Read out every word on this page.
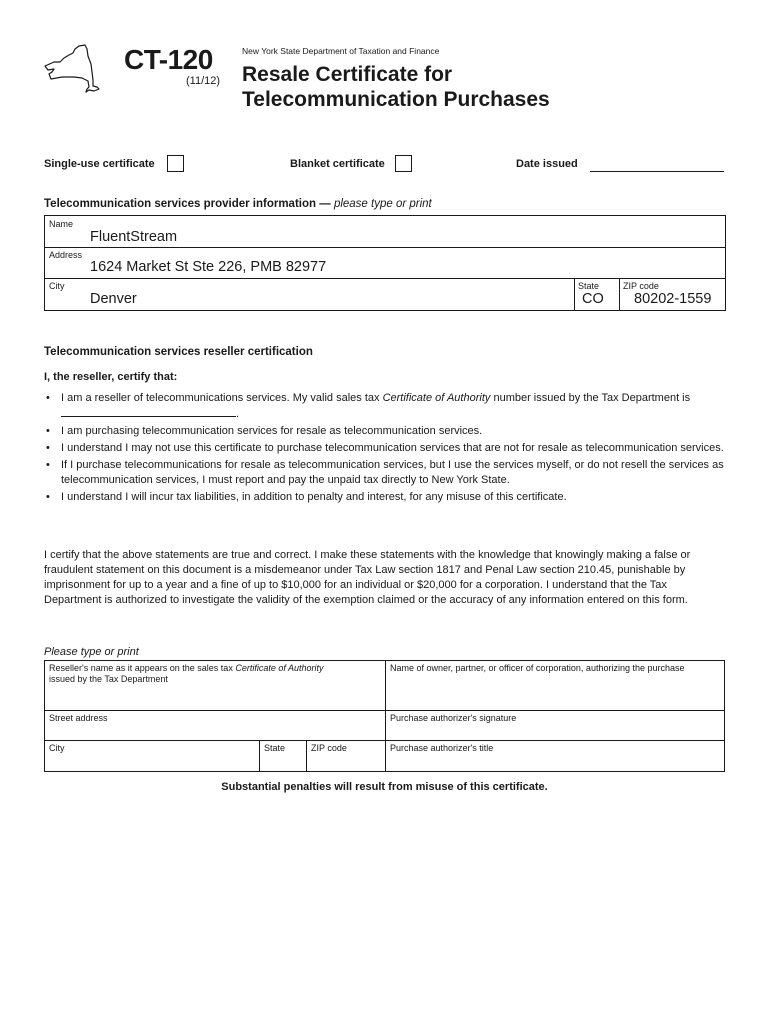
CT-120
(11/12)
New York State Department of Taxation and Finance
Resale Certificate for
Telecommunication Purchases
Single-use certificate	Blanket certificate	Date issued
Telecommunication services provider information — please type or print
Name
FluentStream
Address
1624 Market St Ste 226, PMB 82977
City
Denver
State
CO
ZIP code
80202-1559
Telecommunication services reseller certification
I, the reseller, certify that:
• I am a reseller of telecommunications services. My valid sales tax Certificate of Authority number issued by the Tax Department is .
• I am purchasing telecommunication services for resale as telecommunication services.
• I understand I may not use this certificate to purchase telecommunication services that are not for resale as telecommunication services.
• If I purchase telecommunications for resale as telecommunication services, but I use the services myself, or do not resell the services as telecommunication services, I must report and pay the unpaid tax directly to New York State.
• I understand I will incur tax liabilities, in addition to penalty and interest, for any misuse of this certificate.
I certify that the above statements are true and correct. I make these statements with the knowledge that knowingly making a false or fraudulent statement on this document is a misdemeanor under Tax Law section 1817 and Penal Law section 210.45, punishable by imprisonment for up to a year and a fine of up to $10,000 for an individual or $20,000 for a corporation. I understand that the Tax Department is authorized to investigate the validity of the exemption claimed or the accuracy of any information entered on this form.
Please type or print
Reseller's name as it appears on the sales tax Certificate of Authority
issued by the Tax Department
Name of owner, partner, or officer of corporation, authorizing the purchase
Street address	Purchase authorizer's signature
City	State	ZIP code	Purchase authorizer's title
Substantial penalties will result from misuse of this certificate.
